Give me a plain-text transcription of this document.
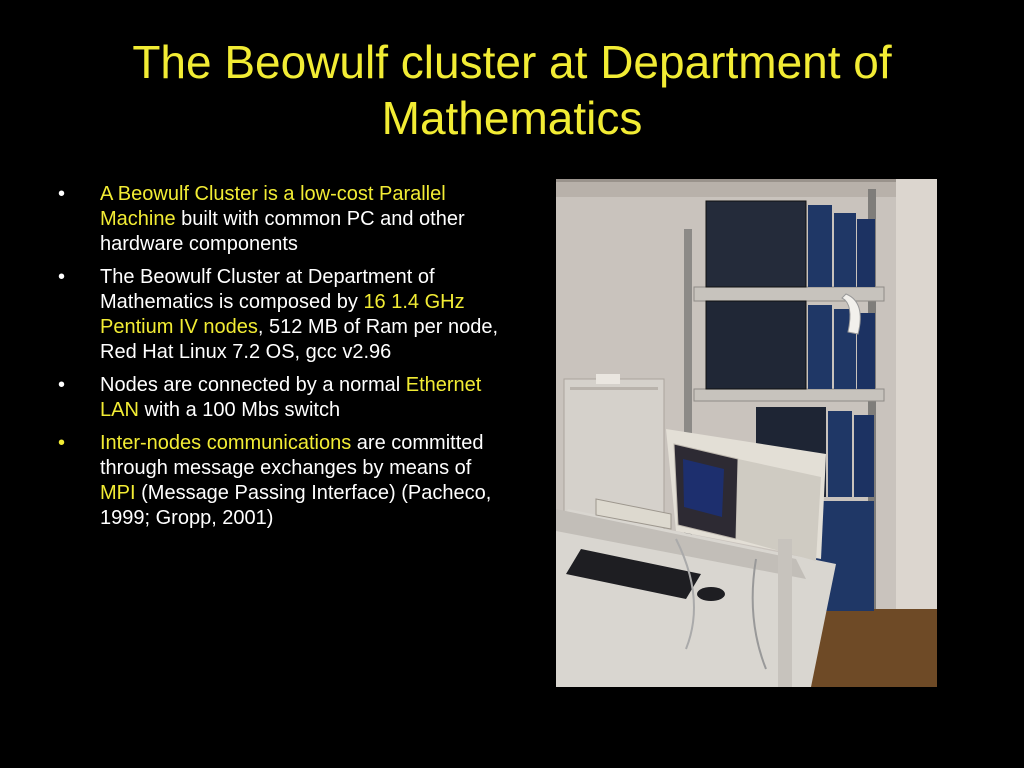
The Beowulf cluster at Department of Mathematics
•	A Beowulf Cluster is a low-cost Parallel Machine built with common PC and other hardware components
•	The Beowulf Cluster at Department of Mathematics is composed by 16 1.4 GHz Pentium IV nodes, 512 MB of Ram per node, Red Hat Linux 7.2 OS, gcc v2.96
•	Nodes are connected by a normal Ethernet LAN with a 100 Mbs switch
•	Inter-nodes communications are committed through message exchanges by means of MPI (Message Passing Interface) (Pacheco, 1999; Gropp, 2001)
